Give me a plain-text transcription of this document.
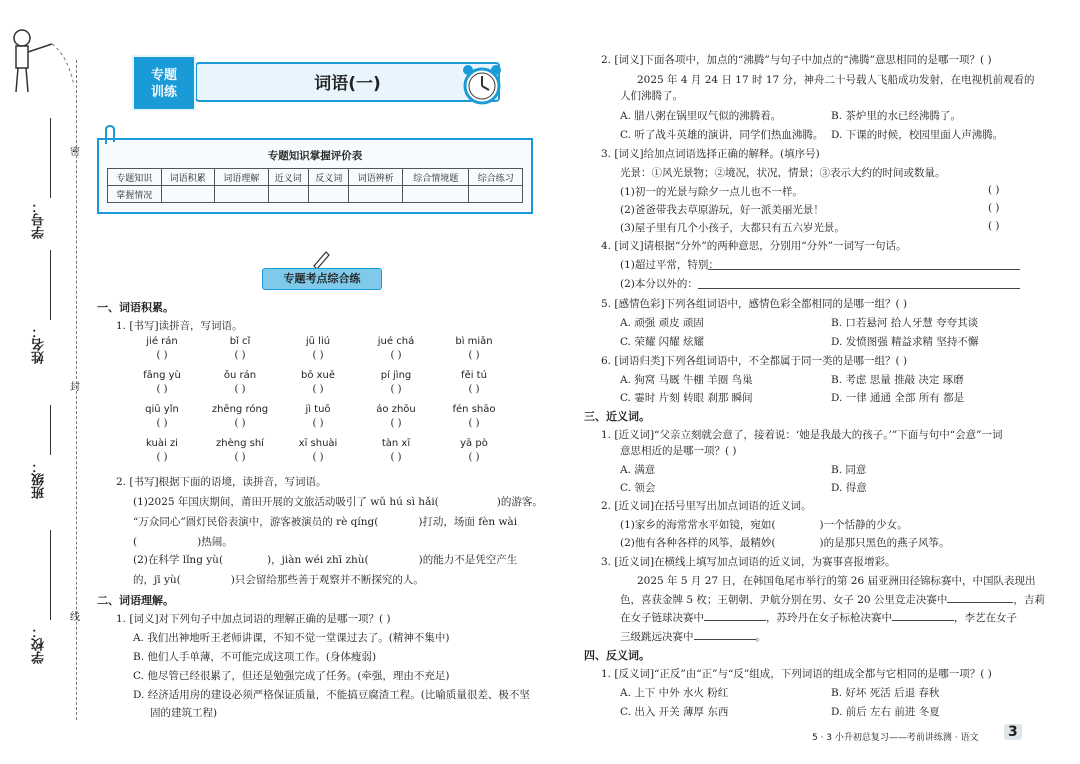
密
封
线
学号：
姓名：
班级：
学校：
词语(一)
专题
训练
专题知识掌握评价表
专题知识	词语积累	词语理解	近义词	反义词	词语辨析	综合情境题	综合练习
掌握情况							
专题考点综合练
一、词语积累。
1. [书写]读拼音，写词语。
jié rán	bǐ cǐ	jū liú	jué chá	bì miǎn
( )	( )	( )	( )	( )
fāng yù	ǒu rán	bō xuē	pí jìng	fěi tú
( )	( )	( )	( )	( )
qiū yǐn	zhēng róng	jì tuō	áo zhōu	fén shāo
( )	( )	( )	( )	( )
kuài zi	zhèng shí	xī shuài	tàn xī	yā pò
( )	( )	( )	( )	( )
2. [书写]根据下面的语境，读拼音，写词语。
(1)2025 年国庆期间，莆田开展的文旅活动吸引了 wǔ hú sì hǎi(	)的游客。
“万众同心”圆灯民俗表演中，游客被演员的 rè qíng(	)打动，场面 fèn wài
(	)热闹。
(2)在科学 lǐng yù(	)，jiàn wéi zhī zhù(	)的能力不是凭空产生
的，jī yù(	)只会留给那些善于观察并不断探究的人。
二、词语理解。
1. [词义]对下列句子中加点词语的理解正确的是哪一项？( )
A. 我们出神地听王老师讲课，不知不觉一堂课过去了。(精神不集中)
B. 他们人手单薄，不可能完成这项工作。(身体瘦弱)
C. 他尽管已经很累了，但还是勉强完成了任务。(牵强，理由不充足)
D. 经济适用房的建设必须严格保证质量，不能搞豆腐渣工程。(比喻质量很差、极不坚
固的建筑工程)
2. [词义]下面各项中，加点的“沸腾”与句子中加点的“沸腾”意思相同的是哪一项？( )
2025 年 4 月 24 日 17 时 17 分，神舟二十号载人飞船成功发射，在电视机前观看的
人们沸腾了。
A. 腊八粥在锅里叹气似的沸腾着。	B. 茶炉里的水已经沸腾了。
C. 听了战斗英雄的演讲，同学们热血沸腾。 D. 下课的时候，校园里面人声沸腾。
3. [词义]给加点词语选择正确的解释。(填序号)
光景：①风光景物；②境况，状况，情景；③表示大约的时间或数量。
(1)初一的光景与除夕一点儿也不一样。	( )
(2)爸爸带我去草原游玩，好一派美丽光景！	( )
(3)屋子里有几个小孩子，大都只有五六岁光景。	( )
4. [词义]请根据“分外”的两种意思，分别用“分外”一词写一句话。
(1)超过平常，特别：
(2)本分以外的：
5. [感情色彩]下列各组词语中，感情色彩全都相同的是哪一组？( )
A. 顽强 顽皮 顽固	B. 口若悬河 拾人牙慧 夸夸其谈
C. 荣耀 闪耀 炫耀	D. 发愤图强 精益求精 坚持不懈
6. [词语归类]下列各组词语中，不全都属于同一类的是哪一组？( )
A. 狗窝 马厩 牛棚 羊圈 鸟巢	B. 考虑 思量 推敲 决定 琢磨
C. 霎时 片刻 转眼 刹那 瞬间	D. 一律 通通 全部 所有 都是
三、近义词。
1. [近义词]“父亲立刻就会意了，接着说：‘她是我最大的孩子。’”下面与句中“会意”一词
意思相近的是哪一项？( )
A. 满意	B. 同意
C. 领会	D. 得意
2. [近义词]在括号里写出加点词语的近义词。
(1)家乡的海常常水平如镜，宛如(	)一个恬静的少女。
(2)他有各种各样的风筝，最精妙(	)的是那只黑色的燕子风筝。
3. [近义词]在横线上填写加点词语的近义词，为赛事喜报增彩。
2025 年 5 月 27 日，在韩国龟尾市举行的第 26 届亚洲田径锦标赛中，中国队表现出
色，喜获金牌 5 枚；王朝朝、尹航分别在男、女子 20 公里竞走决赛中	，吉莉
在女子链球决赛中	，苏玲丹在女子标枪决赛中	，李艺在女子
三级跳远决赛中	。
四、反义词。
1. [反义词]“正反”由“正”与“反”组成，下列词语的组成全都与它相同的是哪一项？( )
A. 上下 中外 水火 粉红	B. 好坏 死活 后退 春秋
C. 出入 开关 薄厚 东西	D. 前后 左右 前进 冬夏
5 · 3 小升初总复习——考前讲练测 · 语文 3
